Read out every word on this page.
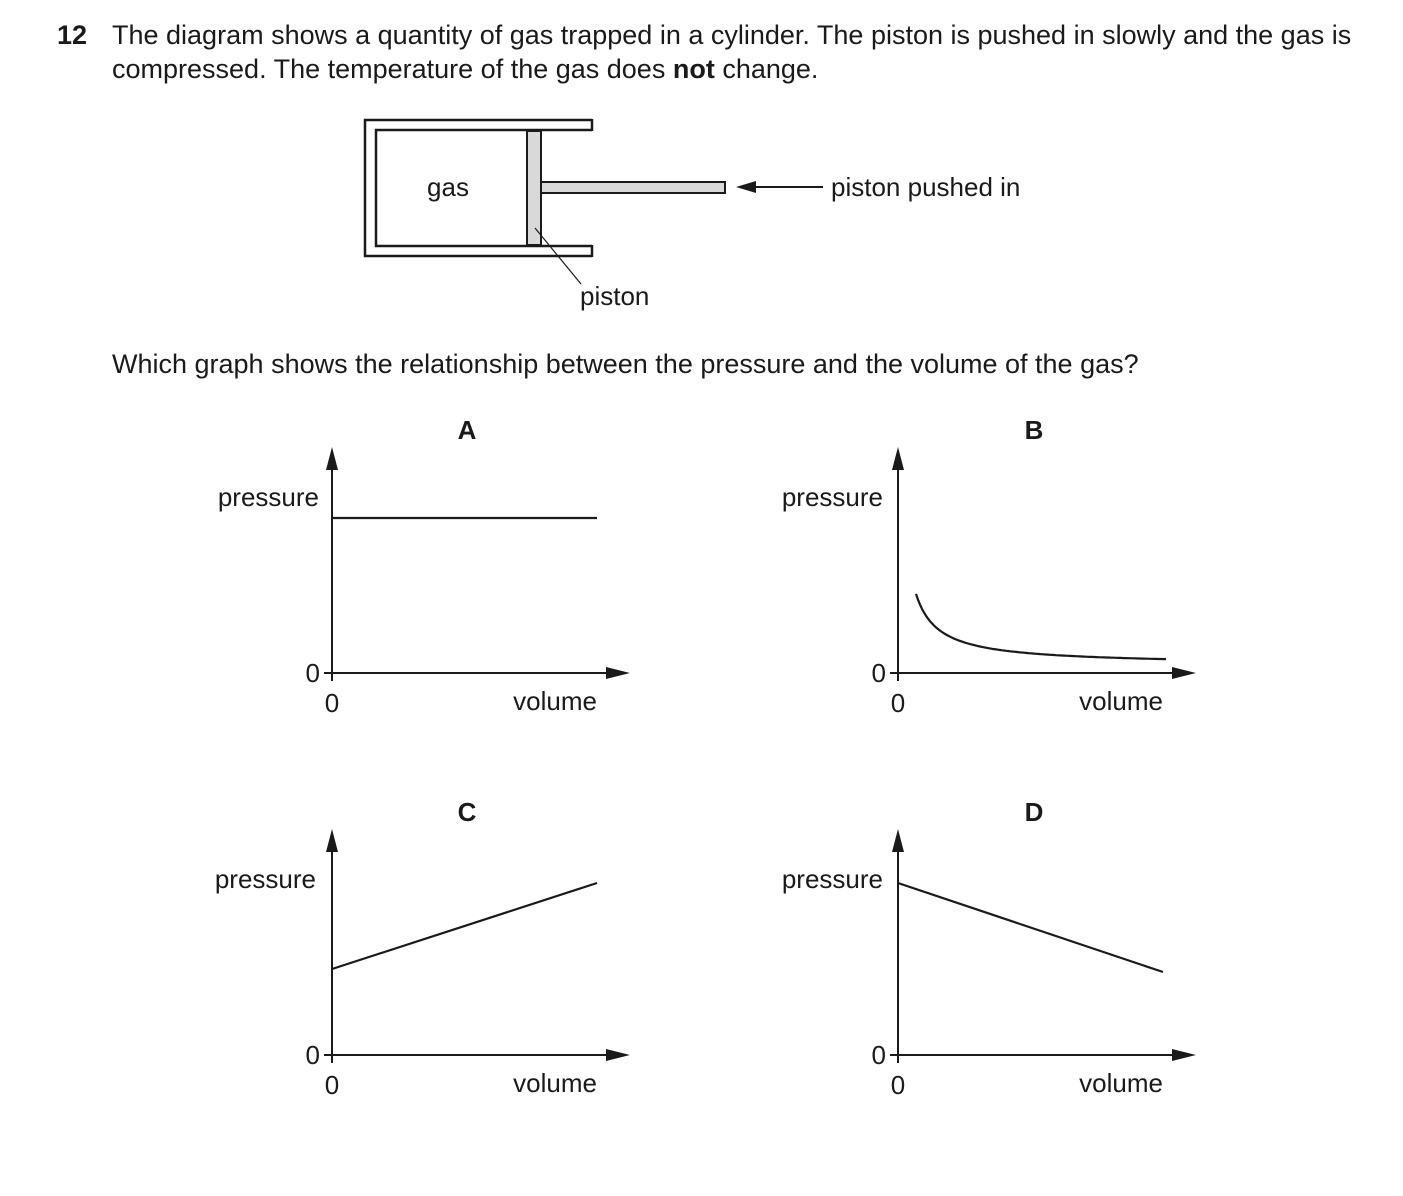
12 The diagram shows a quantity of gas trapped in a cylinder. The piston is pushed in slowly and the gas is compressed. The temperature of the gas does not change.
Which graph shows the relationship between the pressure and the volume of the gas?
gas
piston
piston pushed in
A
pressure
volume
0
0
B
pressure
volume
0
0
C
pressure
volume
0
0
D
pressure
volume
0
0
